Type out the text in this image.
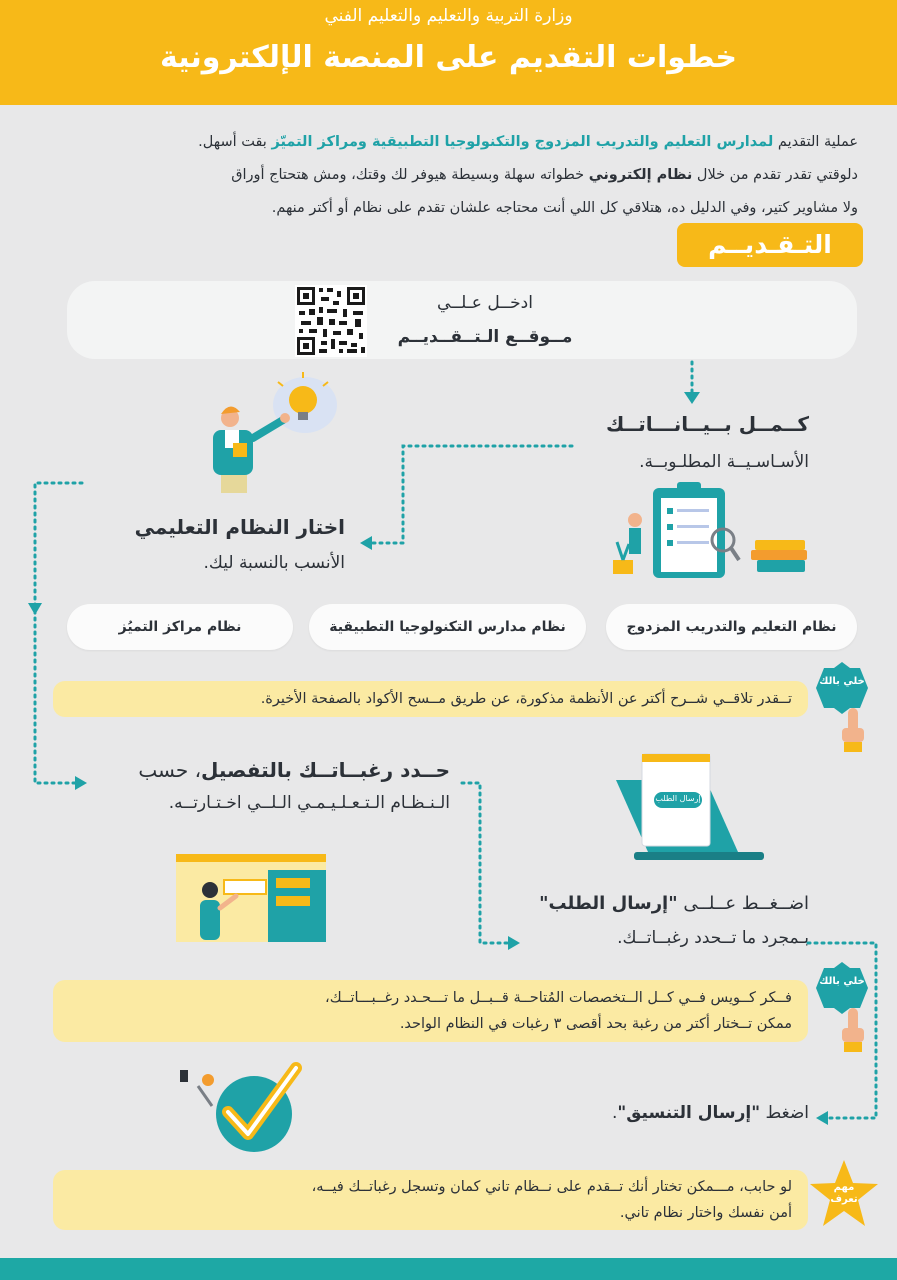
وزارة التربية والتعليم والتعليم الفني
خطوات التقديم على المنصة الإلكترونية
عملية التقديم لمدارس التعليم والتدريب المزدوج والتكنولوجيا التطبيقية ومراكز التميّز بقت أسهل.
دلوقتي تقدر تقدم من خلال نظام إلكتروني خطواته سهلة وبسيطة هيوفر لك وقتك، ومش هتحتاج أوراق
ولا مشاوير كتير، وفي الدليل ده، هتلاقي كل اللي أنت محتاجه علشان تقدم على نظام أو أكتر منهم.
التـقـديــم
ادخــل عـلــي
مــوقــع الـتــقــديــم
كــمــل بــيــانـــاتــك
الأسـاسـيــة المطلـوبــة.
اختار النظام التعليمي
الأنسب بالنسبة ليك.
نظام التعليم والتدريب المزدوج
نظام مدارس التكنولوجيا التطبيقية
نظام مراكز التميُز
خلي بالك
تــقدر تلاقــي شــرح أكتر عن الأنظمة مذكورة، عن طريق مــسح الأكواد بالصفحة الأخيرة.
حــدد رغبــاتــك بالتفصيل، حسب
الـنـظـام الـتـعـلـيـمـي الـلــي اخـتـارتــه.	إرسال الطلب
اضــغــط عــلــى "إرسال الطلب"
بـمجرد ما تــحدد رغبــاتــك.
خلي بالك
فــكر كــويس فــي كــل الــتخصصات المُتاحــة قــبــل ما تـــحـدد رغــبـــاتــك،
ممكن تــختار أكتر من رغبة بحد أقصى ٣ رغبات في النظام الواحد.
اضغط "إرسال التنسيق".
مهم تعرف
لو حابب، مـــمكن تختار أنك تــقدم على نــظام تاني كمان وتسجل رغباتــك فيــه،
أمن نفسك واختار نظام تاني.
